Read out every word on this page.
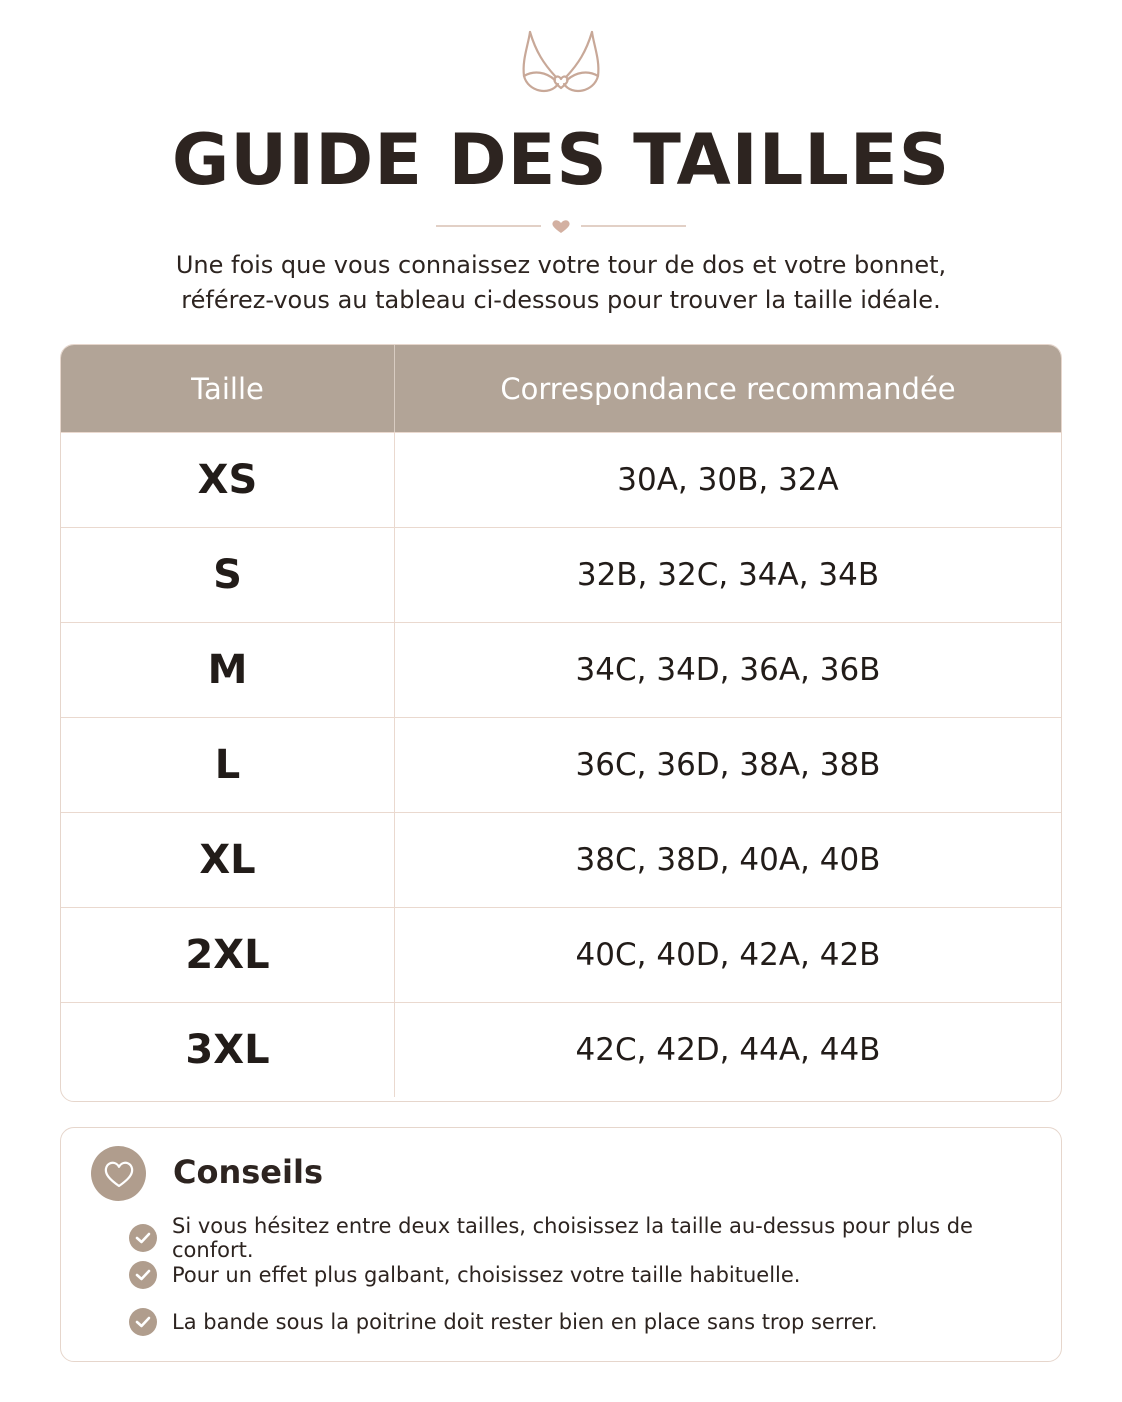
GUIDE DES TAILLES
Une fois que vous connaissez votre tour de dos et votre bonnet,
référez-vous au tableau ci-dessous pour trouver la taille idéale.
Taille	Correspondance recommandée
XS	30A, 30B, 32A
S	32B, 32C, 34A, 34B
M	34C, 34D, 36A, 36B
L	36C, 36D, 38A, 38B
XL	38C, 38D, 40A, 40B
2XL	40C, 40D, 42A, 42B
3XL	42C, 42D, 44A, 44B
Conseils
Si vous hésitez entre deux tailles, choisissez la taille au-dessus pour plus de confort.
Pour un effet plus galbant, choisissez votre taille habituelle.
La bande sous la poitrine doit rester bien en place sans trop serrer.
